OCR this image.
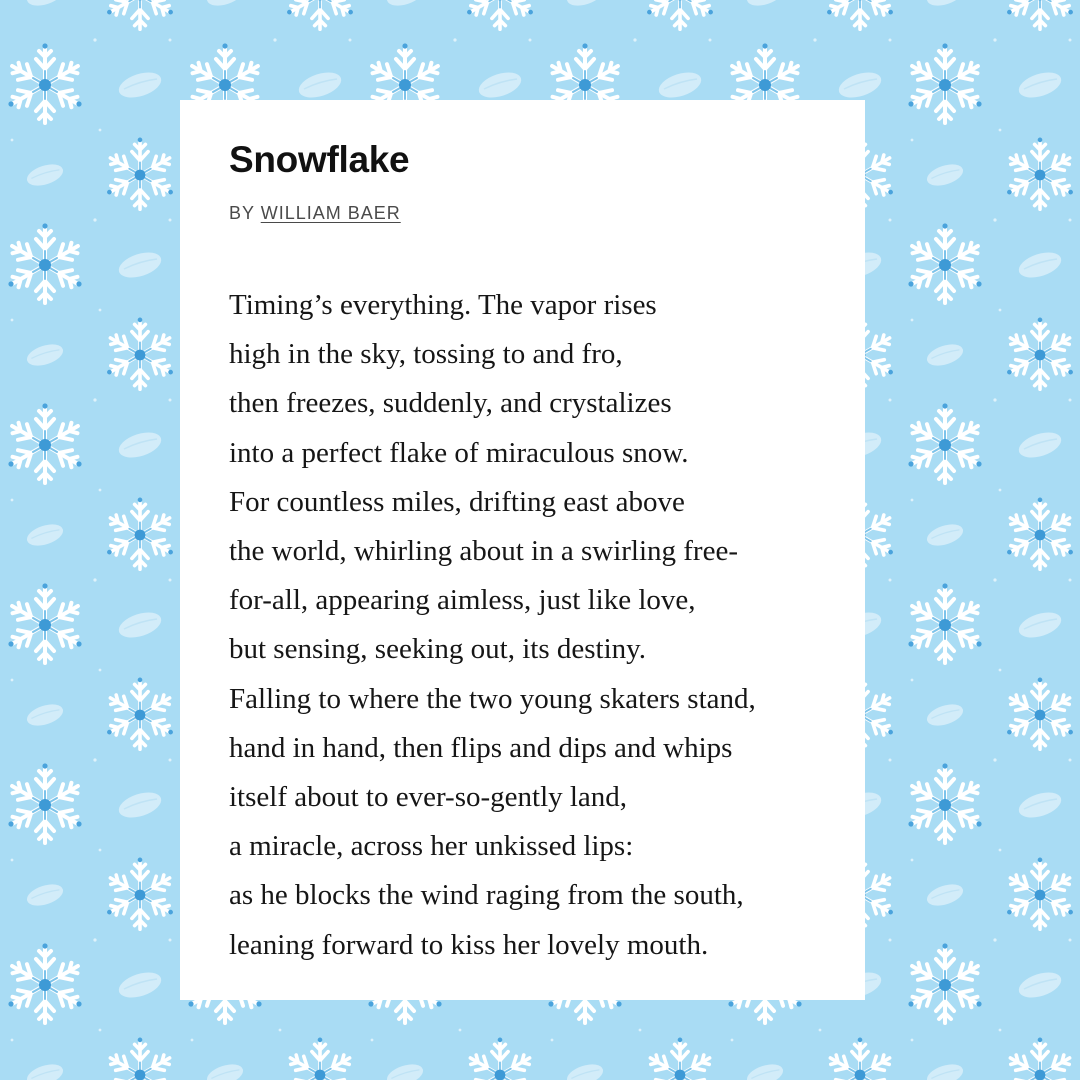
Snowflake
BY WILLIAM BAER
Timing’s everything. The vapor rises
high in the sky, tossing to and fro,
then freezes, suddenly, and crystalizes
into a perfect flake of miraculous snow.
For countless miles, drifting east above
the world, whirling about in a swirling free-
for-all, appearing aimless, just like love,
but sensing, seeking out, its destiny.
Falling to where the two young skaters stand,
hand in hand, then flips and dips and whips
itself about to ever-so-gently land,
a miracle, across her unkissed lips:
as he blocks the wind raging from the south,
leaning forward to kiss her lovely mouth.
